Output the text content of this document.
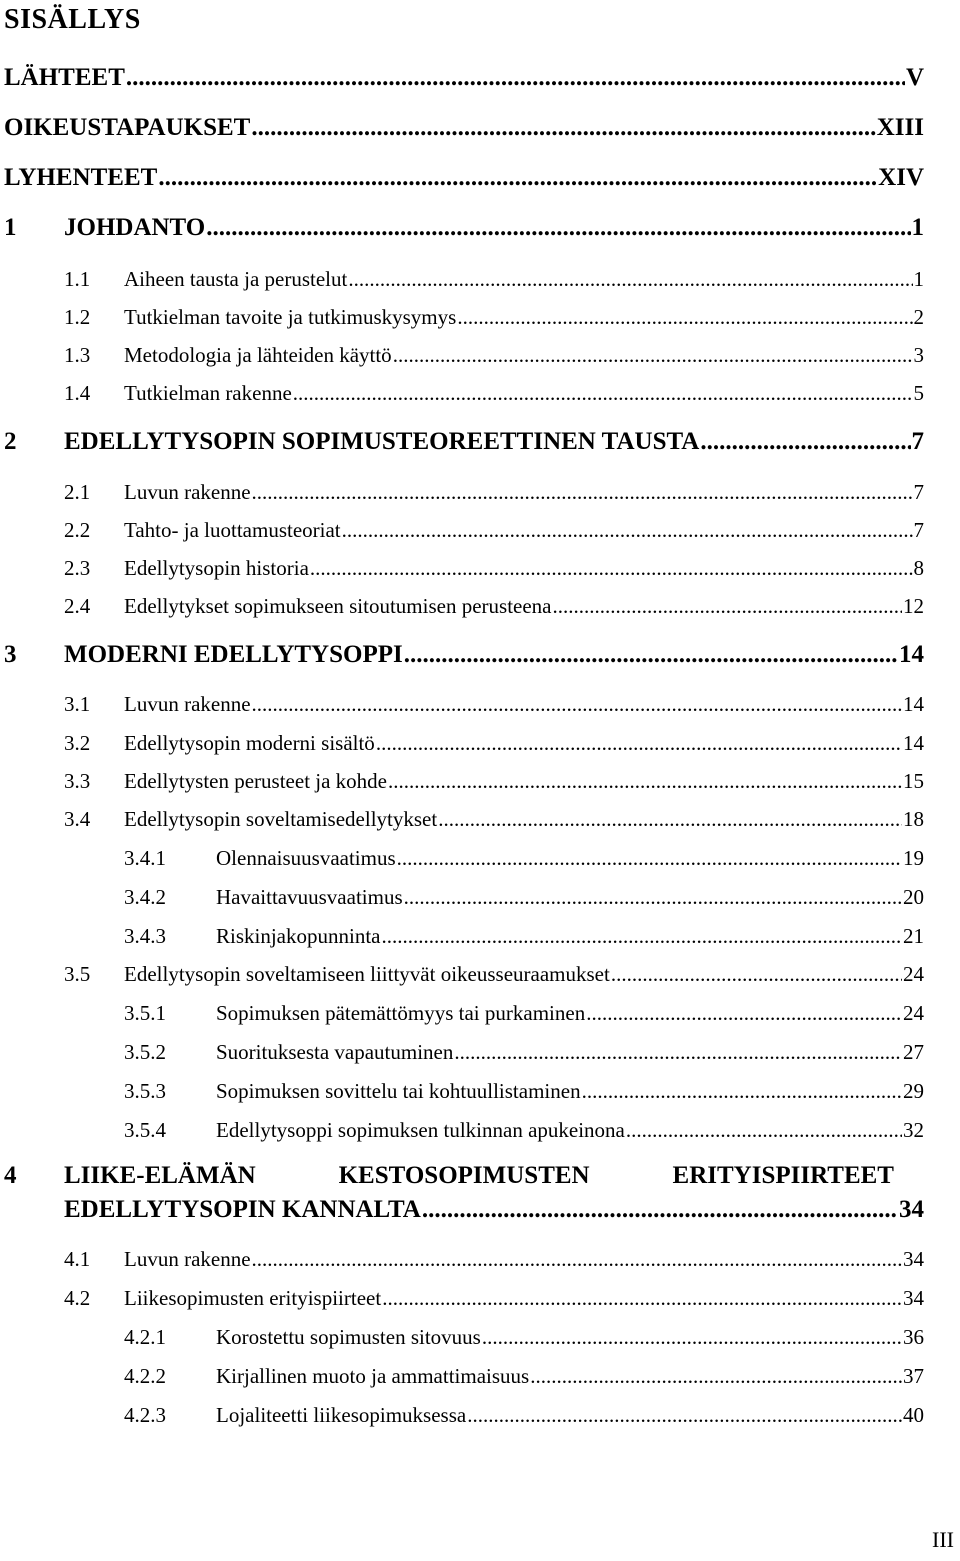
SISÄLLYS
LÄHTEET .....	V
OIKEUSTAPAUKSET .....	XIII
LYHENTEET .....	XIV
1	JOHDANTO .....	1
1.1	Aiheen tausta ja perustelut .....	1
1.2	Tutkielman tavoite ja tutkimuskysymys .....	2
1.3	Metodologia ja lähteiden käyttö .....	3
1.4	Tutkielman rakenne .....	5
2	EDELLYTYSOPIN SOPIMUSTEOREETTINEN TAUSTA .....	7
2.1	Luvun rakenne .....	7
2.2	Tahto- ja luottamusteoriat .....	7
2.3	Edellytysopin historia .....	8
2.4	Edellytykset sopimukseen sitoutumisen perusteena .....	12
3	MODERNI EDELLYTYSOPPI .....	14
3.1	Luvun rakenne .....	14
3.2	Edellytysopin moderni sisältö .....	14
3.3	Edellytysten perusteet ja kohde .....	15
3.4	Edellytysopin soveltamisedellytykset .....	18
3.4.1	Olennaisuusvaatimus .....	19
3.4.2	Havaittavuusvaatimus .....	20
3.4.3	Riskinjakopunninta .....	21
3.5	Edellytysopin soveltamiseen liittyvät oikeusseuraamukset .....	24
3.5.1	Sopimuksen pätemättömyys tai purkaminen .....	24
3.5.2	Suorituksesta vapautuminen .....	27
3.5.3	Sopimuksen sovittelu tai kohtuullistaminen .....	29
3.5.4	Edellytysoppi sopimuksen tulkinnan apukeinona .....	32
4	LIIKE-ELÄMÄN	KESTOSOPIMUSTEN	ERITYISPIIRTEET
EDELLYTYSOPIN KANNALTA .....	34
4.1	Luvun rakenne .....	34
4.2	Liikesopimusten erityispiirteet .....	34
4.2.1	Korostettu sopimusten sitovuus .....	36
4.2.2	Kirjallinen muoto ja ammattimaisuus .....	37
4.2.3	Lojaliteetti liikesopimuksessa .....	40
III
